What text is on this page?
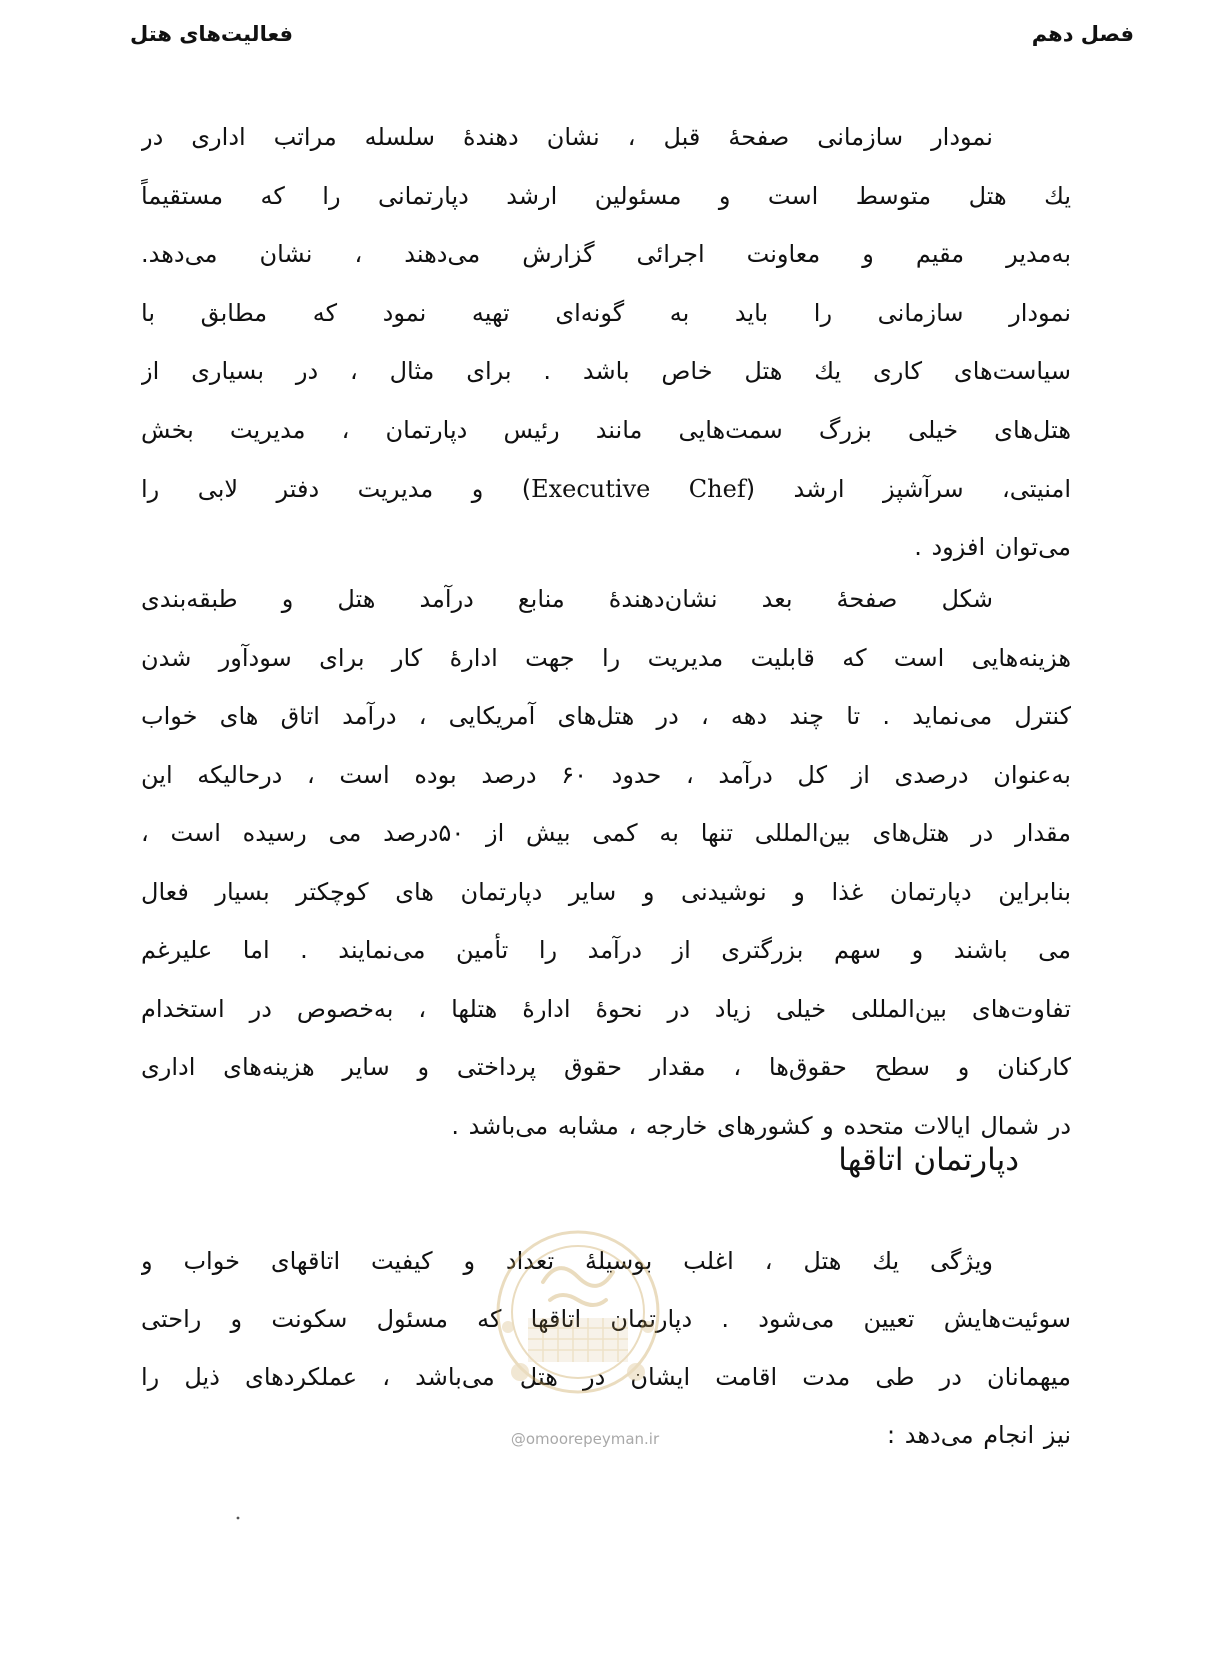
فصل دهم
فعالیت‌های هتل
نمودار سازمانی صفحهٔ قبل ، نشان دهندهٔ سلسله مراتب اداری در
یك هتل متوسط است و مسئولین ارشد دپارتمانی را که مستقیماً
به‌مدیر مقیم و معاونت اجرائی گزارش می‌دهند ، نشان می‌دهد.
نمودار سازمانی را باید به گونه‌ای تهیه نمود که مطابق با
سیاست‌های کاری یك هتل خاص باشد . برای مثال ، در بسیاری از
هتل‌های خیلی بزرگ سمت‌هایی مانند رئیس دپارتمان ، مدیریت بخش
امنیتی، سرآشپز ارشد (Executive Chef) و مدیریت دفتر لابی را
می‌توان افزود .
شکل صفحهٔ بعد نشان‌دهندهٔ منابع درآمد هتل و طبقه‌بندی
هزینه‌هایی است که قابلیت مدیریت را جهت ادارهٔ کار برای سودآور شدن
کنترل می‌نماید . تا چند دهه ، در هتل‌های آمریکایی ، درآمد اتاق های خواب
به‌عنوان درصدی از کل درآمد ، حدود ۶۰ درصد بوده است ، درحالیکه این
مقدار در هتل‌های بین‌المللی تنها به کمی بیش از ۵۰درصد می رسیده است ،
بنابراین دپارتمان غذا و نوشیدنی و سایر دپارتمان های کوچکتر بسیار فعال
می باشند و سهم بزرگتری از درآمد را تأمین می‌نمایند . اما علیرغم
تفاوت‌های بین‌المللی خیلی زیاد در نحوهٔ ادارهٔ هتلها ، به‌خصوص در استخدام
کارکنان و سطح حقوق‌ها ، مقدار حقوق پرداختی و سایر هزینه‌های اداری
در شمال ایالات متحده و کشورهای خارجه ، مشابه می‌باشد .
دپارتمان اتاقها
ویژگی یك هتل ، اغلب بوسیلهٔ تعداد و کیفیت اتاقهای خواب و
سوئیت‌هایش تعیین می‌شود . دپارتمان اتاقها که مسئول سکونت و راحتی
میهمانان در طی مدت اقامت ایشان در هتل می‌باشد ، عملکردهای ذیل را
نیز انجام می‌دهد :
@omoorepeyman.ir
